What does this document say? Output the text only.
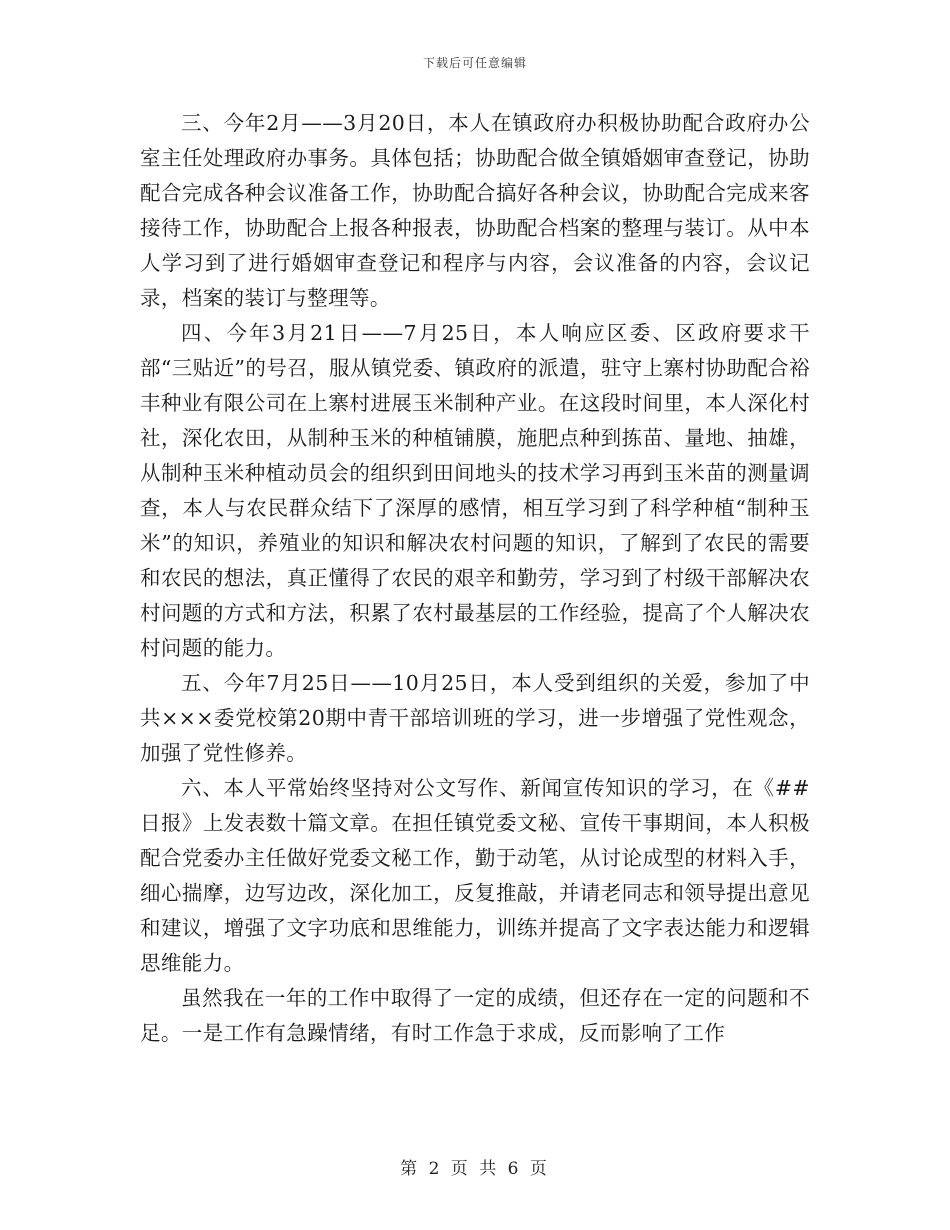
下载后可任意编辑

三、今年2月——3月20日，本人在镇政府办积极协助配合政府办公室主任处理政府办事务。具体包括；协助配合做全镇婚姻审查登记，协助配合完成各种会议准备工作，协助配合搞好各种会议，协助配合完成来客接待工作，协助配合上报各种报表，协助配合档案的整理与装订。从中本人学习到了进行婚姻审查登记和程序与内容，会议准备的内容，会议记录，档案的装订与整理等。

四、今年3月21日——7月25日，本人响应区委、区政府要求干部“三贴近”的号召，服从镇党委、镇政府的派遣，驻守上寨村协助配合裕丰种业有限公司在上寨村进展玉米制种产业。在这段时间里，本人深化村社，深化农田，从制种玉米的种植铺膜，施肥点种到拣苗、量地、抽雄，从制种玉米种植动员会的组织到田间地头的技术学习再到玉米苗的测量调查，本人与农民群众结下了深厚的感情，相互学习到了科学种植“制种玉米”的知识，养殖业的知识和解决农村问题的知识，了解到了农民的需要和农民的想法，真正懂得了农民的艰辛和勤劳，学习到了村级干部解决农村问题的方式和方法，积累了农村最基层的工作经验，提高了个人解决农村问题的能力。

五、今年7月25日——10月25日，本人受到组织的关爱，参加了中共×××委党校第20期中青干部培训班的学习，进一步增强了党性观念，加强了党性修养。

六、本人平常始终坚持对公文写作、新闻宣传知识的学习，在《##日报》上发表数十篇文章。在担任镇党委文秘、宣传干事期间，本人积极配合党委办主任做好党委文秘工作，勤于动笔，从讨论成型的材料入手，细心揣摩，边写边改，深化加工，反复推敲，并请老同志和领导提出意见和建议，增强了文字功底和思维能力，训练并提高了文字表达能力和逻辑思维能力。

虽然我在一年的工作中取得了一定的成绩，但还存在一定的问题和不足。一是工作有急躁情绪，有时工作急于求成，反而影响了工作

第 2 页 共 6 页
